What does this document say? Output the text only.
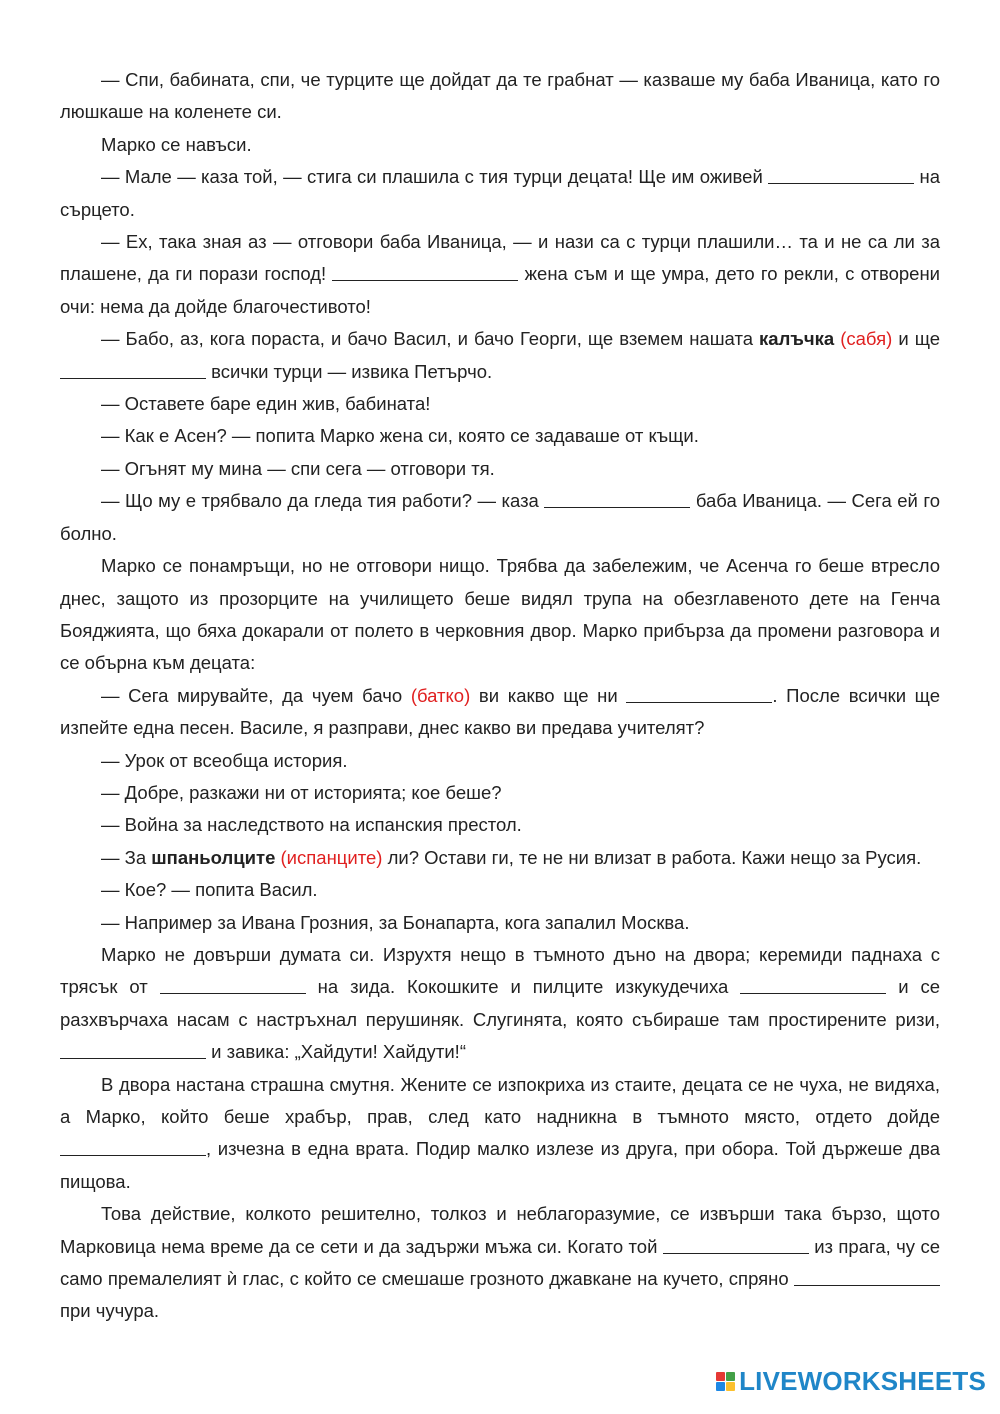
— Спи, бабината, спи, че турците ще дойдат да те грабнат — казваше му баба Иваница, като го люшкаше на коленете си.

Марко се навъси.

— Мале — каза той, — стига си плашила с тия турци децата! Ще им оживей	на сърцето.

— Ех, така зная аз — отговори баба Иваница, — и нази са с турци плашили… та и не са ли за плашене, да ги порази господ!	жена съм и ще умра, дето го рекли, с отворени очи: нема да дойде благочестивото!

— Бабо, аз, кога пораста, и бачо Васил, и бачо Георги, ще вземем нашата калъчка (сабя) и ще  всички турци — извика Петърчо.

— Оставете баре един жив, бабината!

— Как е Асен? — попита Марко жена си, която се задаваше от къщи.

— Огънят му мина — спи сега — отговори тя.

— Що му е трябвало да гледа тия работи? — каза	баба Иваница. — Сега ей го болно.

Марко се понамръщи, но не отговори нищо. Трябва да забележим, че Асенча го беше втресло днес, защото из прозорците на училището беше видял трупа на обезглавеното дете на Генча Бояджията, що бяха докарали от полето в черковния двор. Марко прибърза да промени разговора и се обърна към децата:

— Сега мирувайте, да чуем бачо (батко) ви какво ще ни	. После всички ще изпейте една песен. Василе, я разправи, днес какво ви предава учителят?

— Урок от всеобща история.

— Добре, разкажи ни от историята; кое беше?

— Война за наследството на испанския престол.

— За шпаньолците (испанците) ли? Остави ги, те не ни влизат в работа. Кажи нещо за Русия.

— Кое? — попита Васил.

— Например за Ивана Грозния, за Бонапарта, кога запалил Москва.

Марко не довърши думата си. Изрухтя нещо в тъмното дъно на двора; керемиди паднаха с трясък от	на зида. Кокошките и пилците изкукудечиха	и се разхвърчаха насам с настръхнал перушиняк. Слугинята, която събираше там простирените ризи,  и завика: „Хайдути! Хайдути!“

В двора настана страшна смутня. Жените се изпокриха из стаите, децата се не чуха, не видяха, а Марко, който беше храбър, прав, след като надникна в тъмното място, отдето дойде , изчезна в една врата. Подир малко излезе из друга, при обора. Той държеше два пищова.

Това действие, колкото решително, толкоз и неблагоразумие, се извърши така бързо, щото Марковица нема време да се сети и да задържи мъжа си. Когато той	из прага, чу се само премалелият ѝ глас, с който се смешаше грозното джавкане на кучето, спряно  при чучура.

LIVEWORKSHEETS
